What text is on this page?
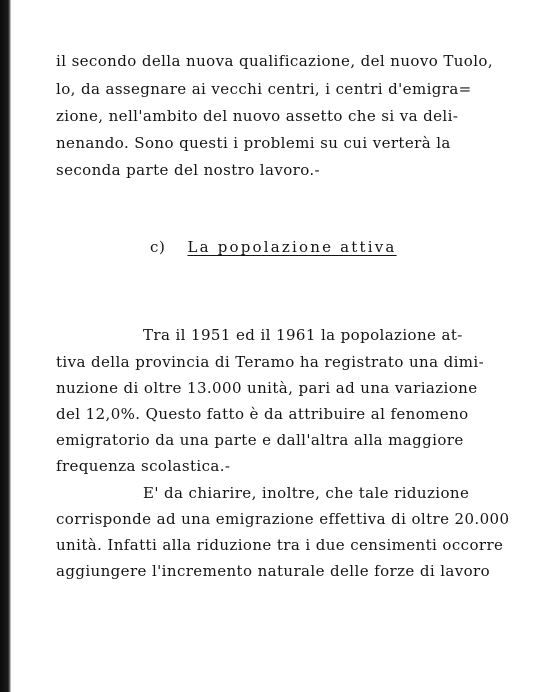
il secondo della nuova qualificazione, del nuovo Tuolo,
lo, da assegnare ai vecchi centri, i centri d'emigra=
zione, nell'ambito del nuovo assetto che si va deli-
nenando. Sono questi i problemi su cui verterà la
seconda parte del nostro lavoro.-
c) La popolazione attiva
Tra il 1951 ed il 1961 la popolazione at-
tiva della provincia di Teramo ha registrato una dimi-
nuzione di oltre 13.000 unità, pari ad una variazione
del 12,0%. Questo fatto è da attribuire al fenomeno
emigratorio da una parte e dall'altra alla maggiore
frequenza scolastica.-
E' da chiarire, inoltre, che tale riduzione
corrisponde ad una emigrazione effettiva di oltre 20.000
unità. Infatti alla riduzione tra i due censimenti occorre
aggiungere l'incremento naturale delle forze di lavoro
